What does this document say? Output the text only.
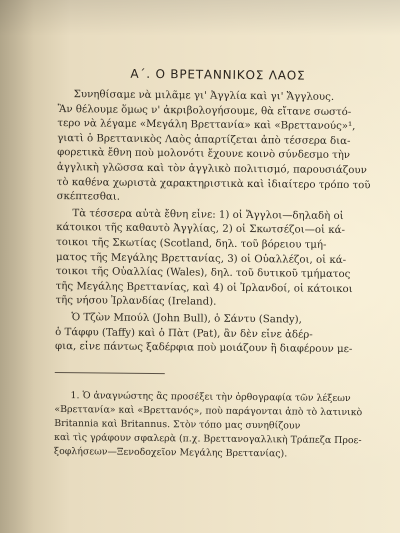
Α΄. Ο ΒΡΕΤΑΝΝΙΚΟΣ ΛΑΟΣ
Συνηθίσαμε νὰ μιλᾶμε γι' Ἀγγλία καὶ γι' Ἄγγλους.
Ἂν θέλουμε ὅμως ν' ἀκριβολογήσουμε, θὰ εἴτανε σωστό-
τερο νὰ λέγαμε «Μεγάλη Βρεττανία» καὶ «Βρεττανούς»¹,
γιατὶ ὁ Βρεττανικὸς Λαὸς ἀπαρτίζεται ἀπὸ τέσσερα δια-
φορετικὰ ἔθνη ποὺ μολονότι ἔχουνε κοινὸ σύνδεσμο τὴν
ἀγγλικὴ γλῶσσα καὶ τὸν ἀγγλικὸ πολιτισμό, παρουσιάζουν
τὸ καθένα χωριστὰ χαρακτηριστικὰ καὶ ἰδιαίτερο τρόπο τοῦ
σκέπτεσθαι.
Τὰ τέσσερα αὐτὰ ἔθνη εἶνε: 1) οἱ Ἄγγλοι—δηλαδὴ οἱ
κάτοικοι τῆς καθαυτὸ Ἀγγλίας, 2) οἱ Σκωτσέζοι—οἱ κά-
τοικοι τῆς Σκωτίας (Scotland, δηλ. τοῦ βόρειου τμή-
ματος τῆς Μεγάλης Βρεττανίας, 3) οἱ Οὐαλλέζοι, οἱ κά-
τοικοι τῆς Οὐαλλίας (Wales), δηλ. τοῦ δυτικοῦ τμήματος
τῆς Μεγάλης Βρεττανίας, καὶ 4) οἱ Ἰρλανδοί, οἱ κάτοικοι
τῆς νήσου Ἰρλανδίας (Ireland).
Ὁ Τζὼν Μπούλ (John Bull), ὁ Σάντυ (Sandy),
ὁ Τάφφυ (Taffy) καὶ ὁ Πὰτ (Pat), ἂν δὲν εἶνε ἀδέρ-
φια, εἶνε πάντως ξαδέρφια ποὺ μοιάζουν ἢ διαφέρουν με-
1. Ὁ ἀναγνώστης ἂς προσέξει τὴν ὀρθογραφία τῶν λέξεων
«Βρεττανία» καὶ «Βρεττανός», ποὺ παράγονται ἀπὸ τὸ λατινικὸ
Britannia καὶ Britannus. Στὸν τόπο μας συνηθίζουν
καὶ τὶς γράφουν σφαλερὰ (π.χ. Βρεττανογαλλικὴ Τράπεζα Προε-
ξοφλήσεων—Ξενοδοχεῖον Μεγάλης Βρεττανίας).
